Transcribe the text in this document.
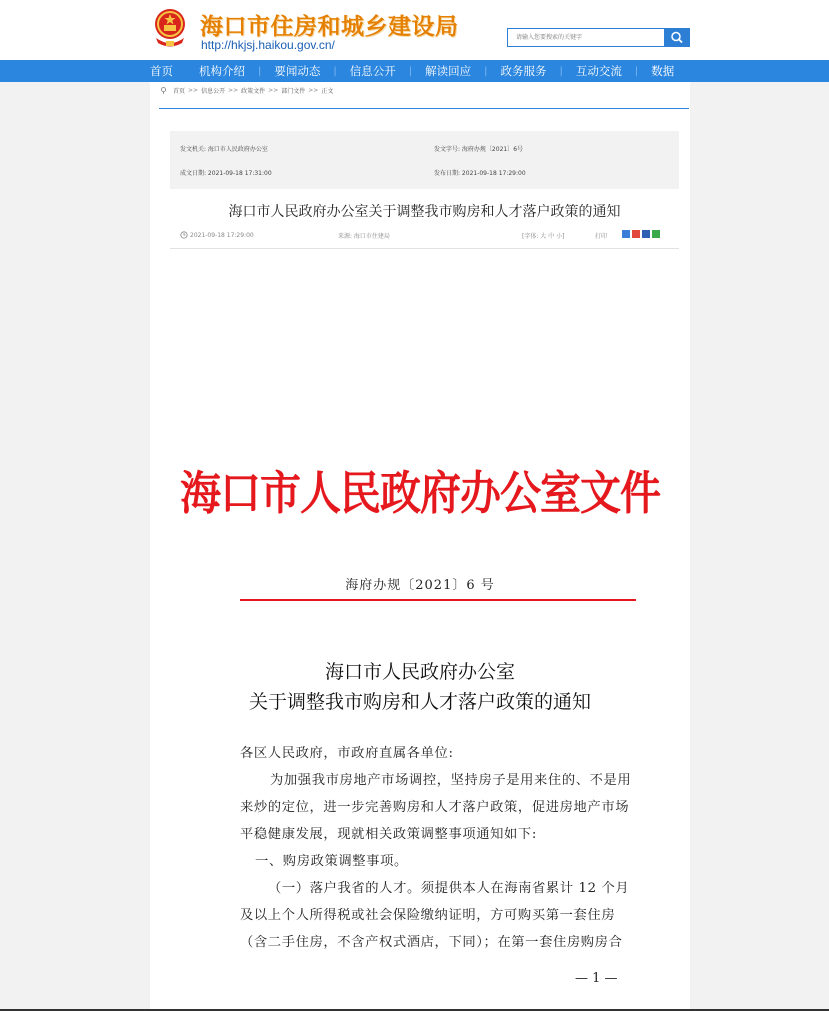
海口市住房和城乡建设局
http://hkjsj.haikou.gov.cn/
请输入您要搜索的关键字
首页 机构介绍 | 要闻动态 | 信息公开 | 解读回应 | 政务服务 | 互动交流 | 数据
首页 >> 信息公开 >> 政策文件 >> 部门文件 >> 正文
发文机关: 海口市人民政府办公室	发文字号: 海府办规〔2021〕6号
成文日期: 2021-09-18 17:31:00	发布日期: 2021-09-18 17:29:00
海口市人民政府办公室关于调整我市购房和人才落户政策的通知
2021-09-18 17:29:00	来源: 海口市住建局	[字体: 大 中 小]	打印
海口市人民政府办公室文件
海府办规〔2021〕6 号
海口市人民政府办公室
关于调整我市购房和人才落户政策的通知
各区人民政府，市政府直属各单位:
为加强我市房地产市场调控，坚持房子是用来住的、不是用
来炒的定位，进一步完善购房和人才落户政策，促进房地产市场
平稳健康发展，现就相关政策调整事项通知如下:
一、购房政策调整事项。
（一）落户我省的人才。须提供本人在海南省累计 12 个月
及以上个人所得税或社会保险缴纳证明，方可购买第一套住房
（含二手住房，不含产权式酒店，下同）；在第一套住房购房合
— 1 —
